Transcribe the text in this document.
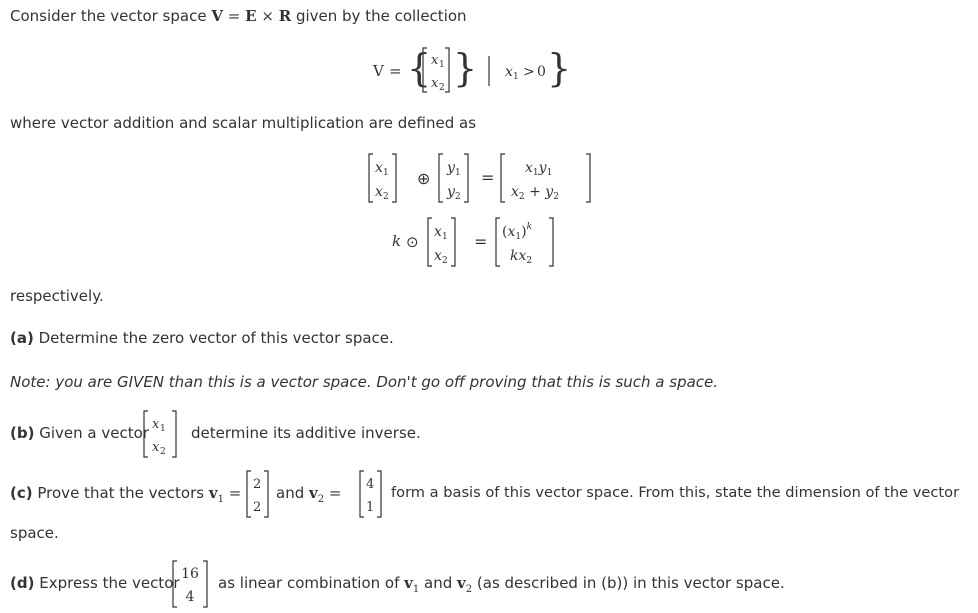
Consider the vector space V = E × R given by the collection
V = { x 1
x 2 } x 1 > 0 }
where vector addition and scalar multiplication are defined as
x 1
x 2
⊕
y 1
y 2
= $x_1y_1$
$x_2 + y_2$
k ⊙
x 1
x 2
= $(x_1)^k$
$kx_2$
respectively.
(a) Determine the zero vector of this vector space.
Note: you are GIVEN than this is a vector space. Don't go off proving that this is such a space.
(b) Given a vector x 1
x 2
determine its additive inverse.
(c) Prove that the vectors $v_1 = 2$
2
and $v_2 = 4$
1
form a basis of this vector space. From this, state the dimension of the vector
space.
(d) Express the vector 16
4
as linear combination of $v_1$ and $v_2$ (as described in (b)) in this vector space.
